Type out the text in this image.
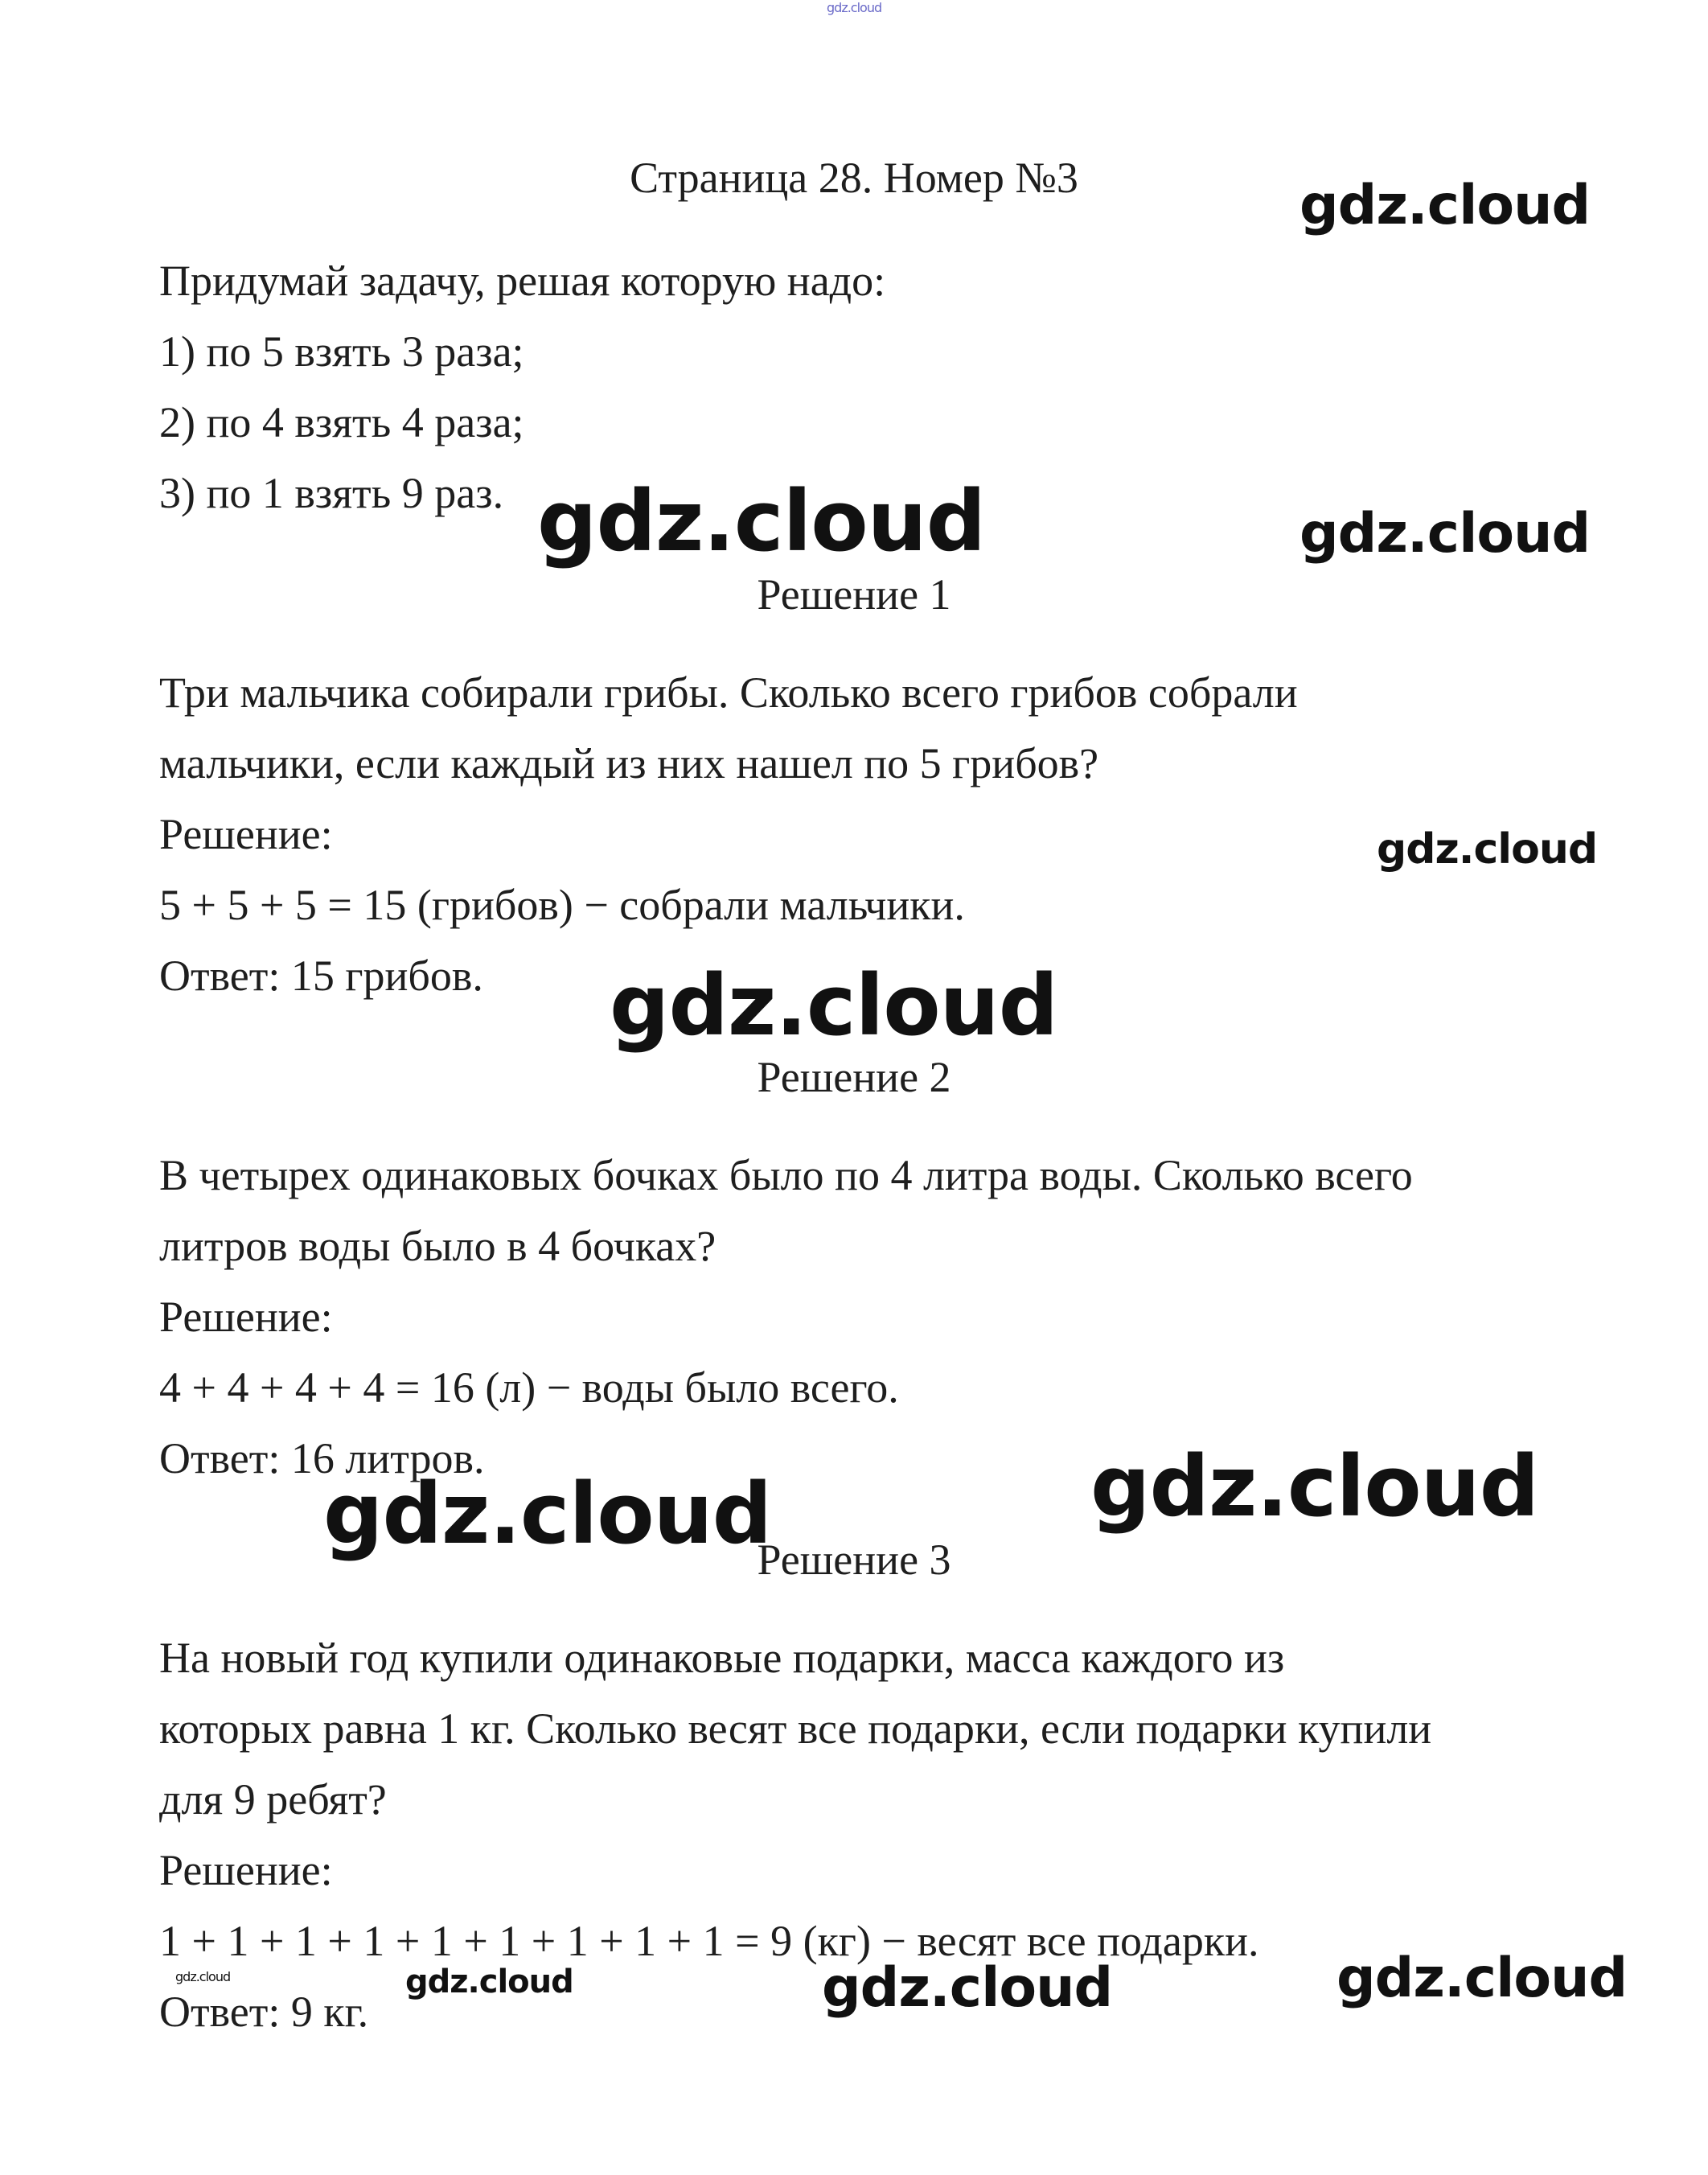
gdz.cloud
gdz.cloud
gdz.cloud	gdz.cloud
gdz.cloud
gdz.cloud
gdz.cloud
gdz.cloud
gdz.cloud	gdz.cloud	gdz.cloud	gdz.cloud
Страница 28. Номер №3
Придумай задачу, решая которую надо:
1) по 5 взять 3 раза;
2) по 4 взять 4 раза;
3) по 1 взять 9 раз.
Решение 1
Три мальчика собирали грибы. Сколько всего грибов собрали
мальчики, если каждый из них нашел по 5 грибов?
Решение:
5 + 5 + 5 = 15 (грибов) − собрали мальчики.
Ответ: 15 грибов.
Решение 2
В четырех одинаковых бочках было по 4 литра воды. Сколько всего
литров воды было в 4 бочках?
Решение:
4 + 4 + 4 + 4 = 16 (л) − воды было всего.
Ответ: 16 литров.
Решение 3
На новый год купили одинаковые подарки, масса каждого из
которых равна 1 кг. Сколько весят все подарки, если подарки купили
для 9 ребят?
Решение:
1 + 1 + 1 + 1 + 1 + 1 + 1 + 1 + 1 = 9 (кг) − весят все подарки.
Ответ: 9 кг.
